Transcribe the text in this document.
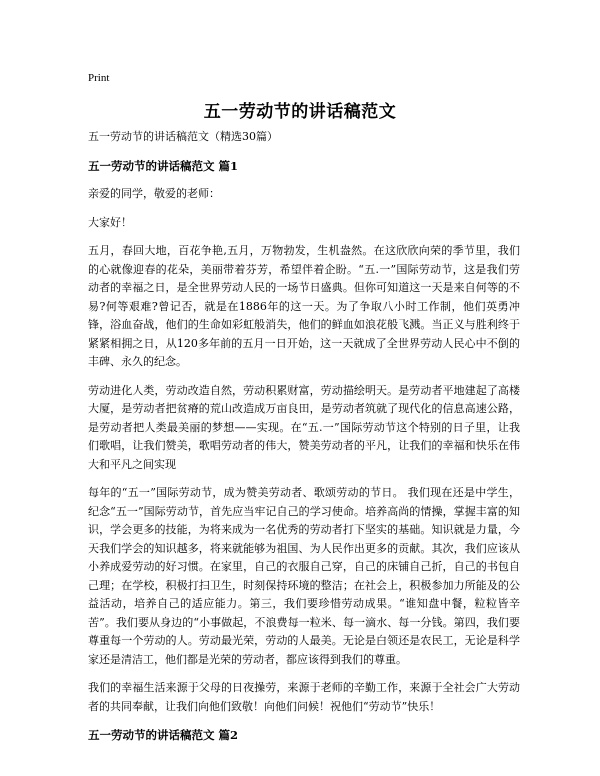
Print
五一劳动节的讲话稿范文
五一劳动节的讲话稿范文（精选30篇）
五一劳动节的讲话稿范文 篇1
亲爱的同学，敬爱的老师：
大家好！
五月，春回大地，百花争艳,五月，万物勃发，生机盎然。在这欣欣向荣的季节里，我们的心就像迎春的花朵，美丽带着芬芳，希望伴着企盼。“五.一”国际劳动节，这是我们劳动者的幸福之日，是全世界劳动人民的一场节日盛典。但你可知道这一天是来自何等的不易?何等艰难?曾记否，就是在1886年的这一天。为了争取八小时工作制，他们英勇冲锋，浴血奋战，他们的生命如彩虹般消失，他们的鲜血如浪花般飞溅。当正义与胜利终于紧紧相拥之日，从120多年前的五月一日开始，这一天就成了全世界劳动人民心中不倒的丰碑、永久的纪念。
劳动进化人类，劳动改造自然，劳动积累财富，劳动描绘明天。是劳动者平地建起了高楼大厦，是劳动者把贫瘠的荒山改造成万亩良田，是劳动者筑就了现代化的信息高速公路，是劳动者把人类最美丽的梦想——实现。在“五.一”国际劳动节这个特别的日子里，让我们歌唱，让我们赞美，歌唱劳动者的伟大，赞美劳动者的平凡，让我们的幸福和快乐在伟大和平凡之间实现
每年的“五一”国际劳动节，成为赞美劳动者、歌颂劳动的节日。 我们现在还是中学生，纪念“五一”国际劳动节，首先应当牢记自己的学习使命。培养高尚的情操，掌握丰富的知识，学会更多的技能，为将来成为一名优秀的劳动者打下坚实的基础。知识就是力量，今天我们学会的知识越多，将来就能够为祖国、为人民作出更多的贡献。其次，我们应该从小养成爱劳动的好习惯。在家里，自己的衣服自己穿，自己的床铺自己折，自己的书包自己理；在学校，积极打扫卫生，时刻保持环境的整洁；在社会上，积极参加力所能及的公益活动，培养自己的适应能力。第三，我们要珍惜劳动成果。“谁知盘中餐，粒粒皆辛苦”。我们要从身边的“小事做起，不浪费每一粒米、每一滴水、每一分钱。第四，我们要尊重每一个劳动的人。劳动最光荣，劳动的人最美。无论是白领还是农民工，无论是科学家还是清洁工，他们都是光荣的劳动者，都应该得到我们的尊重。
我们的幸福生活来源于父母的日夜操劳，来源于老师的辛勤工作，来源于全社会广大劳动者的共同奉献，让我们向他们致敬！向他们问候！祝他们“劳动节”快乐！
五一劳动节的讲话稿范文 篇2
